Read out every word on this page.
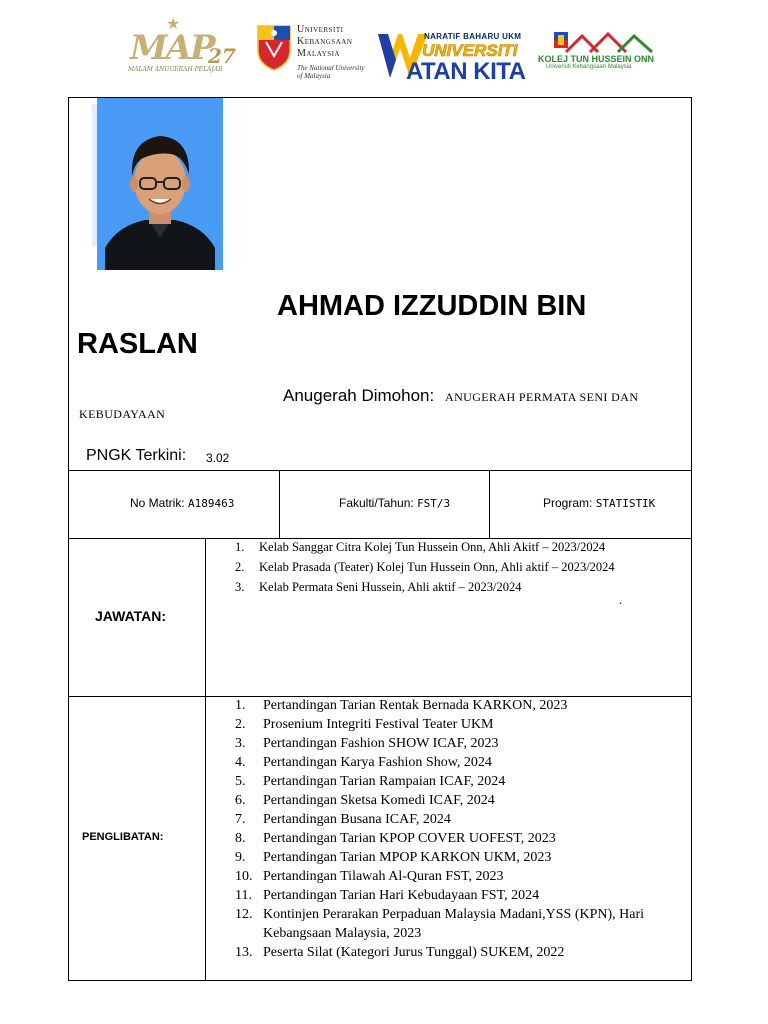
★
MAP
27
MALAM ANUGERAH PELAJAR
Universiti
Kebangsaan
Malaysia
The National University
of Malaysia
NARATIF BAHARU UKM
UNIVERSITI
ATAN KITA KOLEJ TUN HUSSEIN ONN
Universiti Kebangsaan Malaysia
AHMAD IZZUDDIN BIN
RASLAN
Anugerah Dimohon: ANUGERAH PERMATA SENI DAN
KEBUDAYAAN
PNGK Terkini: 3.02
No Matrik: A189463	Fakulti/Tahun: FST/3	Program: STATISTIK
JAWATAN:
1.	Kelab Sanggar Citra Kolej Tun Hussein Onn, Ahli Akitf – 2023/2024
2.	Kelab Prasada (Teater) Kolej Tun Hussein Onn, Ahli aktif – 2023/2024
3.	Kelab Permata Seni Hussein, Ahli aktif – 2023/2024
.
PENGLIBATAN:
1.	Pertandingan Tarian Rentak Bernada KARKON, 2023
2.	Prosenium Integriti Festival Teater UKM
3.	Pertandingan Fashion SHOW ICAF, 2023
4.	Pertandingan Karya Fashion Show, 2024
5.	Pertandingan Tarian Rampaian ICAF, 2024
6.	Pertandingan Sketsa Komedi ICAF, 2024
7.	Pertandingan Busana ICAF, 2024
8.	Pertandingan Tarian KPOP COVER UOFEST, 2023
9.	Pertandingan Tarian MPOP KARKON UKM, 2023
10. Pertandingan Tilawah Al-Quran FST, 2023
11. Pertandingan Tarian Hari Kebudayaan FST, 2024
12. Kontinjen Perarakan Perpaduan Malaysia Madani,YSS (KPN), Hari Kebangsaan Malaysia, 2023
13. Peserta Silat (Kategori Jurus Tunggal) SUKEM, 2022
